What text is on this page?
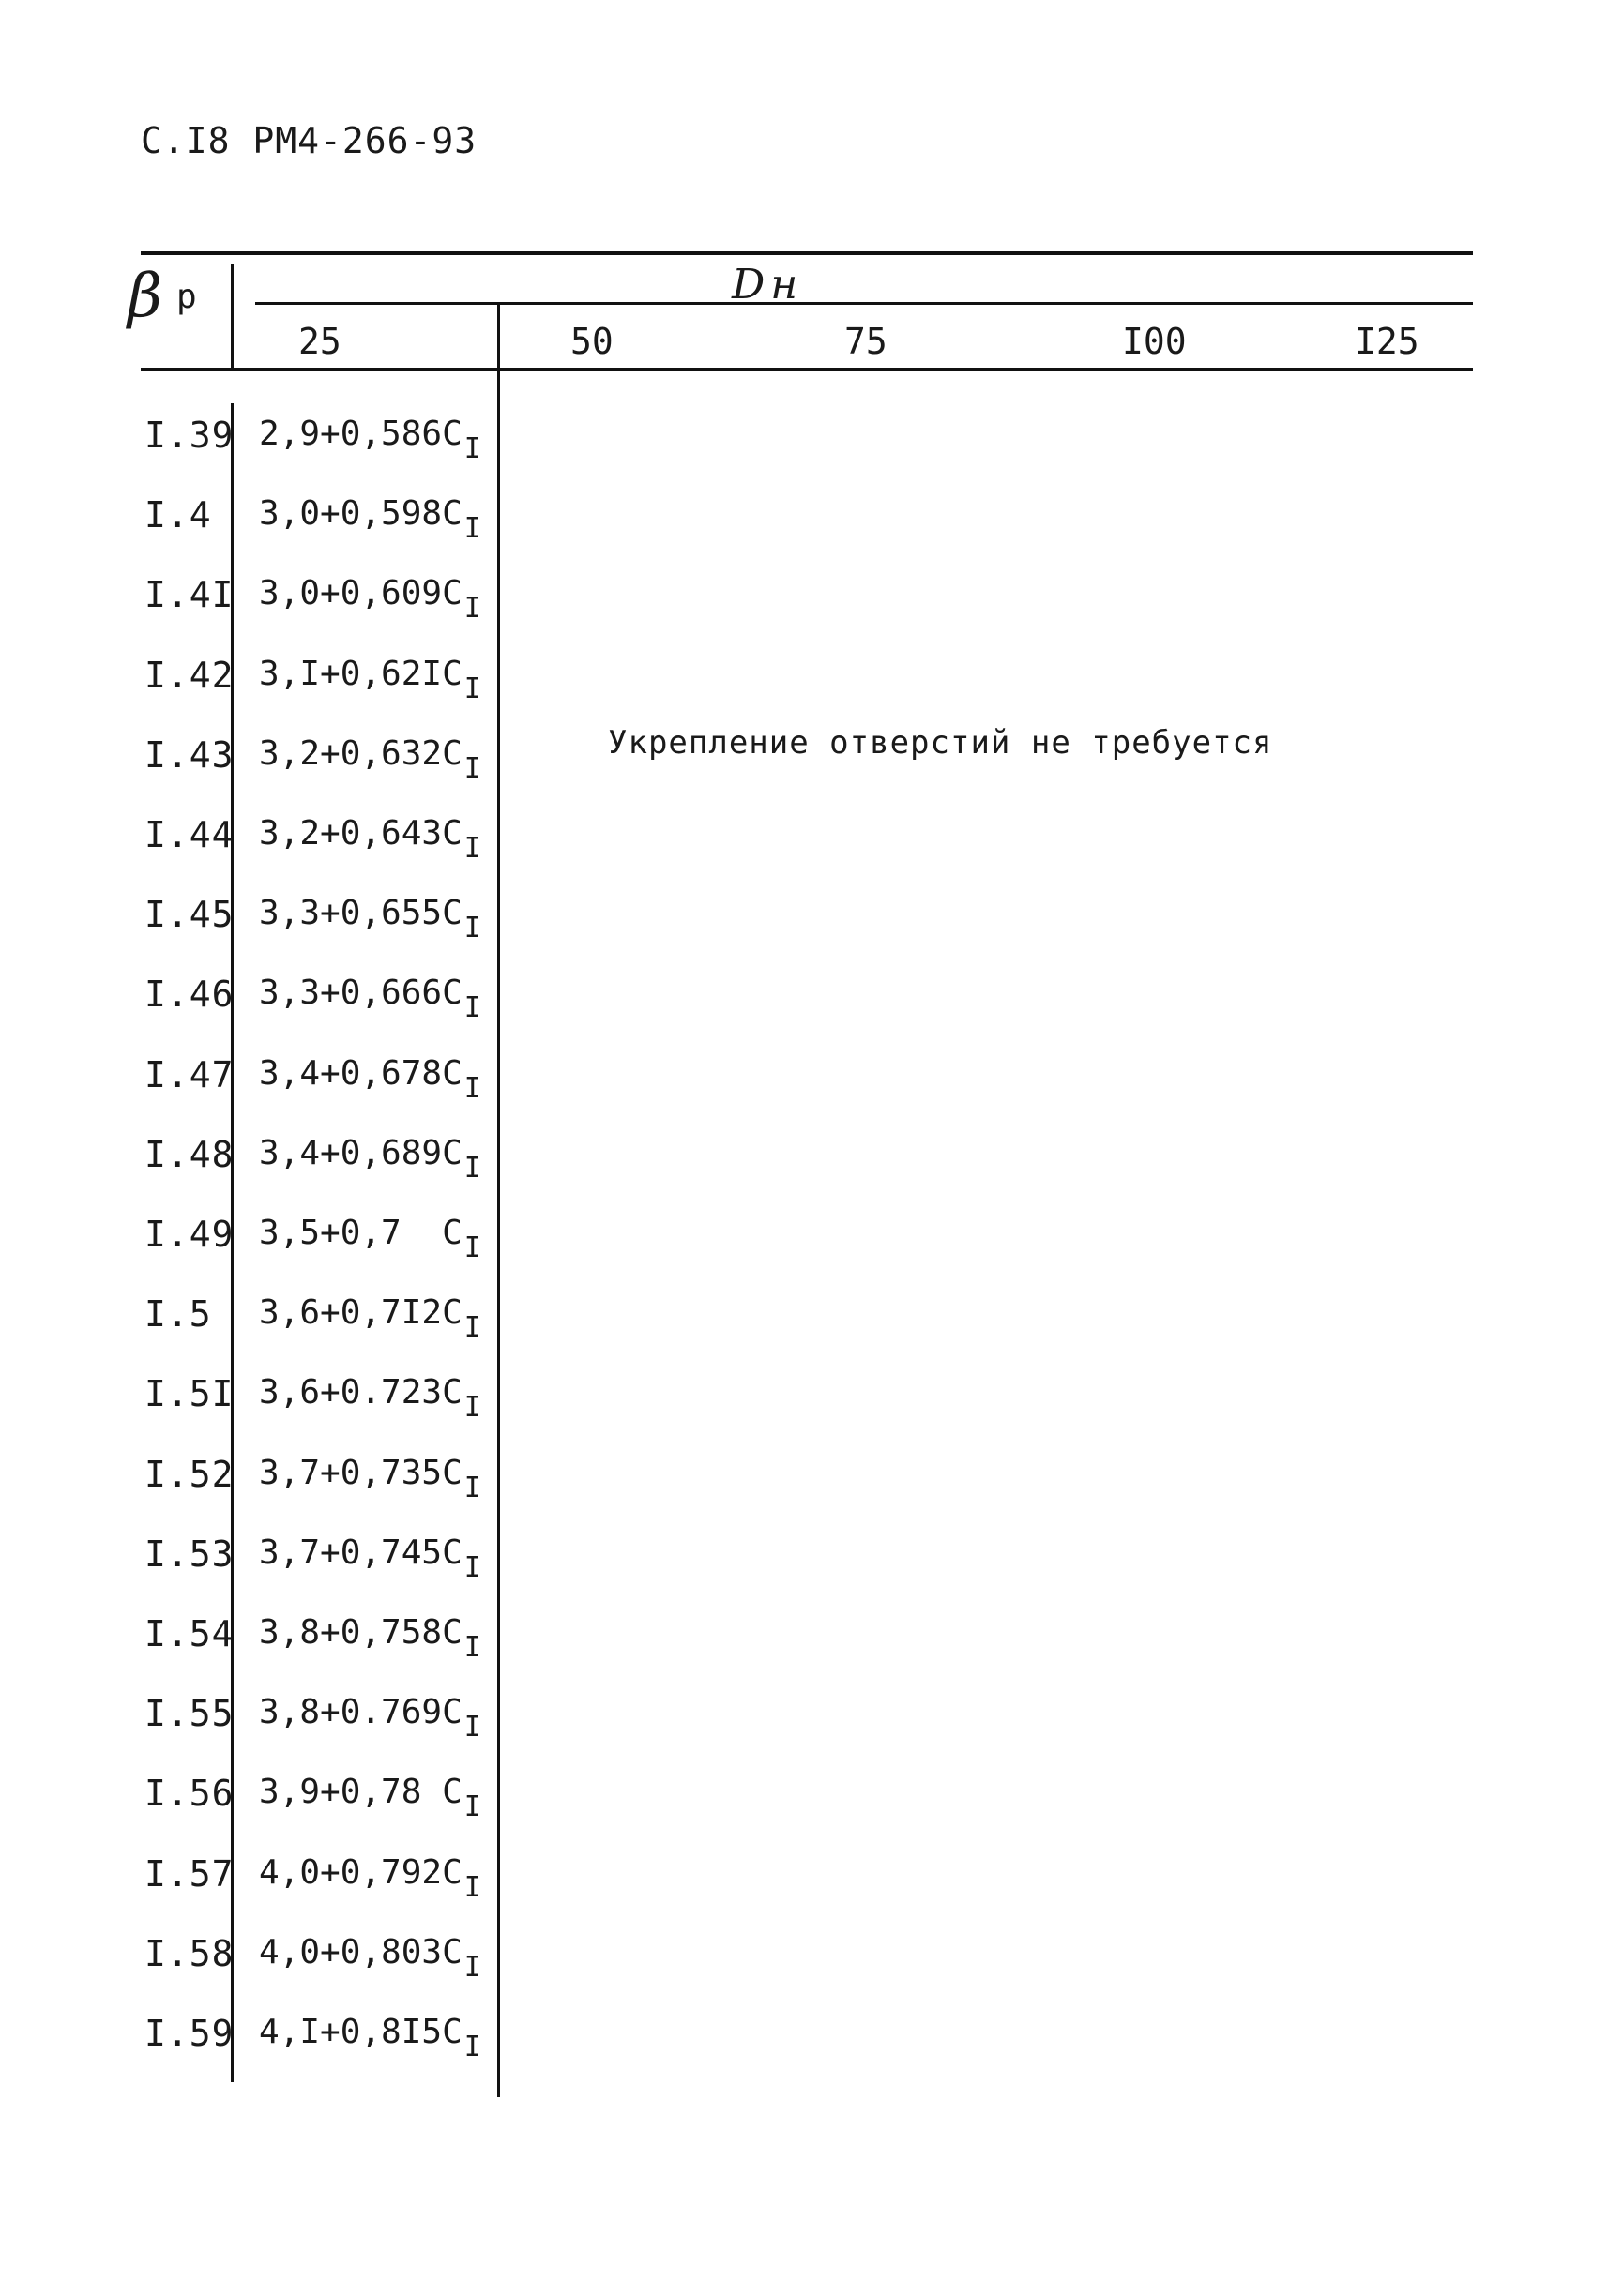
С.I8 РМ4-266-93
β р	Dн
25	50	75	I00	I25
I.39 $2,9+0,586С_I$
I.4 $3,0+0,598С_I$
I.4I $3,0+0,609С_I$
I.42 $3,I+0,62IС_I$
I.43 $3,2+0,632С_I$
I.44 $3,2+0,643С_I$
I.45 $3,3+0,655С_I$
I.46 $3,3+0,666С_I$
I.47 $3,4+0,678С_I$
I.48 $3,4+0,689С_I$
I.49 3,5+0,7  $С_I$
I.5 $3,6+0,7I2С_I$
I.5I $3,6+0.723С_I$
I.52 $3,7+0,735С_I$
I.53 $3,7+0,745С_I$
I.54 $3,8+0,758С_I$
I.55 $3,8+0.769С_I$
I.56 3,9+0,78 $С_I$
I.57 $4,0+0,792С_I$
I.58 $4,0+0,803С_I$
I.59 $4,I+0,8I5С_I$
Укрепление отверстий не требуется
